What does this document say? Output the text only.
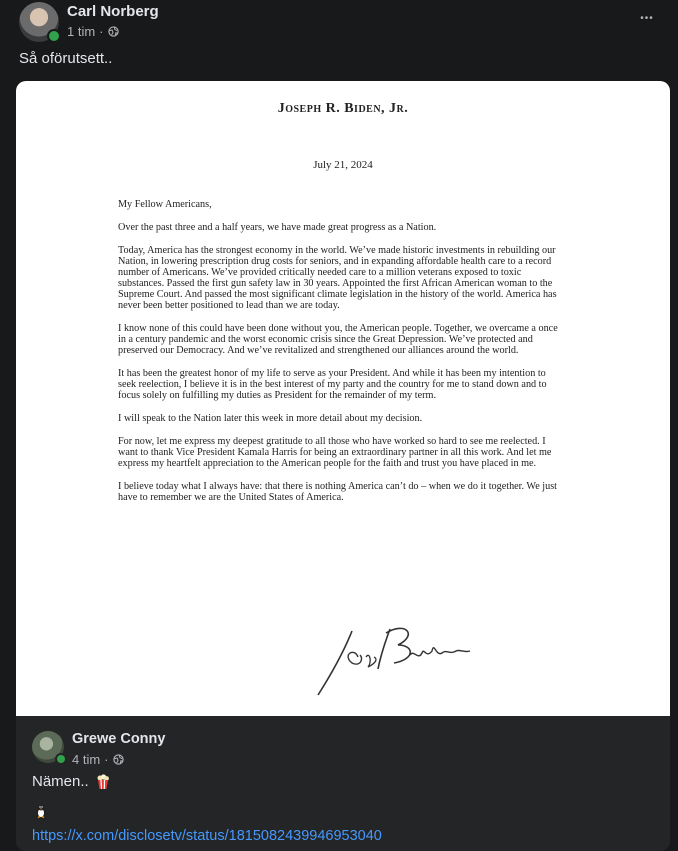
Carl Norberg
1 tim ·
•••
Så oförutsett..
Joseph R. Biden, Jr.
July 21, 2024

My Fellow Americans,

Over the past three and a half years, we have made great progress as a Nation.

Today, America has the strongest economy in the world. We’ve made historic investments in rebuilding our Nation, in lowering prescription drug costs for seniors, and in expanding affordable health care to a record number of Americans. We’ve provided critically needed care to a million veterans exposed to toxic substances. Passed the first gun safety law in 30 years. Appointed the first African American woman to the Supreme Court. And passed the most significant climate legislation in the history of the world. America has never been better positioned to lead than we are today.

I know none of this could have been done without you, the American people. Together, we overcame a once in a century pandemic and the worst economic crisis since the Great Depression. We’ve protected and preserved our Democracy. And we’ve revitalized and strengthened our alliances around the world.

It has been the greatest honor of my life to serve as your President. And while it has been my intention to seek reelection, I believe it is in the best interest of my party and the country for me to stand down and to focus solely on fulfilling my duties as President for the remainder of my term.

I will speak to the Nation later this week in more detail about my decision.

For now, let me express my deepest gratitude to all those who have worked so hard to see me reelected. I want to thank Vice President Kamala Harris for being an extraordinary partner in all this work. And let me express my heartfelt appreciation to the American people for the faith and trust you have placed in me.

I believe today what I always have: that there is nothing America can’t do – when we do it together. We just have to remember we are the United States of America.

Grewe Conny
4 tim ·
Nämen..
https://x.com/disclosetv/status/1815082439946953040
